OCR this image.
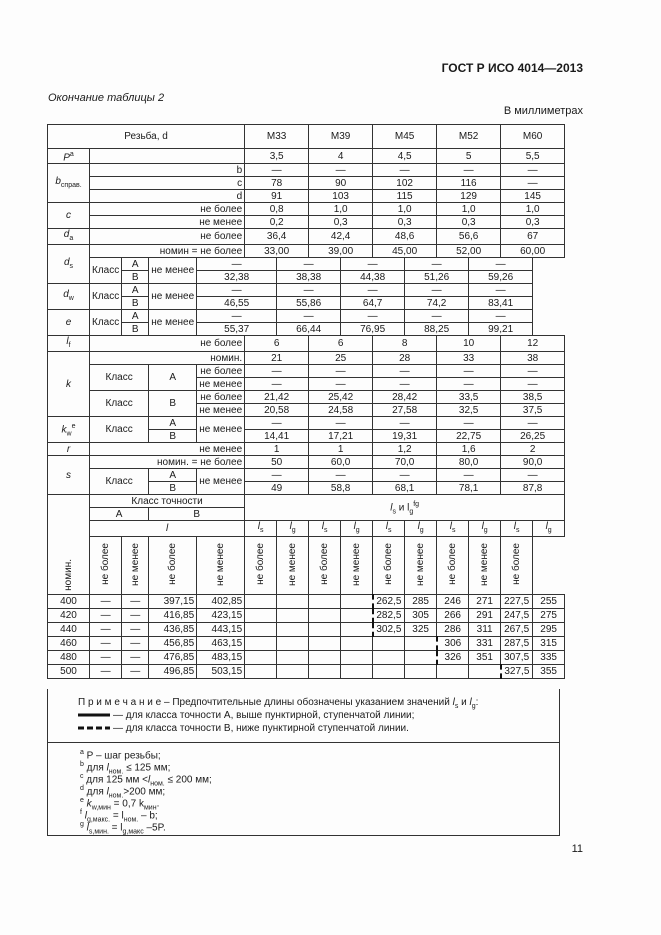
ГОСТ Р ИСО 4014—2013
Окончание таблицы 2
В миллиметрах
Резьба, d					M33		M39		M45		M52		M60	
$P^a$					3,5		4		4,5		5		5,5	
$b_{справ.}$	b				—		—		—		—		—	
	c				78		90		102		116		—	
	d				91		103		115		129		145	
c	не более				0,8		1,0		1,0		1,0		1,0	
	не менее				0,2		0,3		0,3		0,3		0,3	
$d_a$	не более				36,4		42,4		48,6		56,6		67	
$d_s$	номин = не более				33,00		39,00		45,00		52,00		60,00	
	Класс	A	не менее	—		—		—		—		—		
		B		32,38		38,38		44,38		51,26		59,26		
$d_w$	Класс	A	не менее	—		—		—		—		—		
		B		46,55		55,86		64,7		74,2		83,41		
e	Класс	A	не менее	—		—		—		—		—		
		B		55,37		66,44		76,95		88,25		99,21		
$l_f$	не более				6		6		8		10		12	
k	номин.				21		25		28		33		38	
	Класс		A	не более	—		—		—		—		—	
				не менее	—		—		—		—		—	
	Класс		B	не более	21,42		25,42		28,42		33,5		38,5	
				не менее	20,58		24,58		27,58		32,5		37,5	
$k_w^e$	Класс		A	не менее	—		—		—		—		—	
			B		14,41		17,21		19,31		22,75		26,25	
r	не менее				1		1		1,2		1,6		2	
s	номин. = не более				50		60,0		70,0		80,0		90,0	
	Класс		A	не менее	—		—		—		—		—	
			B		49		58,8		68,1		78,1		87,8	
номин.	Класс точности				$l_s$ и $l_g^{fg}$
	A		B											
	l				$l_s$	$l_g$	$l_s$	$l_g$	$l_s$	$l_g$	$l_s$	$l_g$	$l_s$	$l_g$
	не более	не менее	не более	не менее	не более	не менее	не более	не менее	не более	не менее	не более	не менее	не более	
400	—	—	397,15	402,85					262,5	285	246	271	227,5	255
420	—	—	416,85	423,15					282,5	305	266	291	247,5	275
440	—	—	436,85	443,15					302,5	325	286	311	267,5	295
460	—	—	456,85	463,15							306	331	287,5	315
480	—	—	476,85	483,15							326	351	307,5	335
500	—	—	496,85	503,15									327,5	355
П р и м е ч а н и е – Предпочтительные длины обозначены указанием значений $l_s$ и $l_g$:
— для класса точности A, выше пунктирной, ступенчатой линии;
— для класса точности B, ниже пунктирной ступенчатой линии.
$^a$ P – шаг резьбы;
$^b$ для $l_{ном.} \le 125$ мм;
$^c$ для 125 мм $<l_{ном.} \le 200$ мм;
$^d$ для $l_{ном.}>200$ мм;
$^e$ $k_{w,мин} = 0,7$ $k_{мин}$.
$^f$ $l_{g,макс.} = l_{ном.} - b$;
$^g$ $l_{s,мин.} = l_{g,макс}$ –5P.
11
